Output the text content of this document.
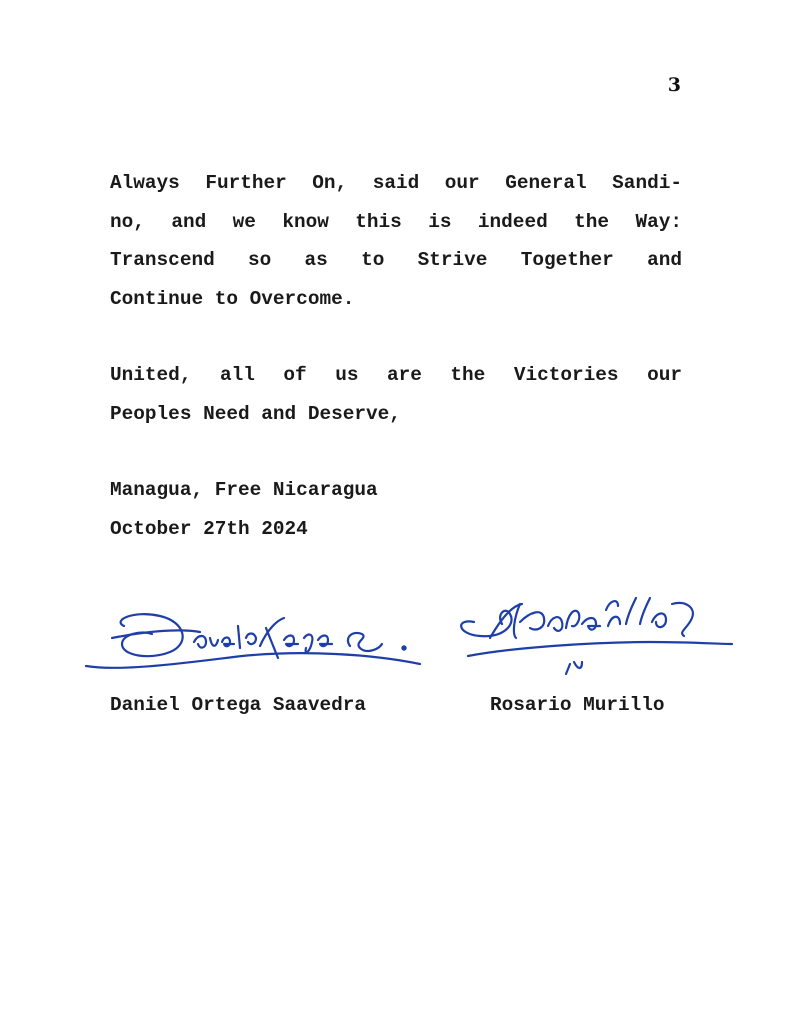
3
Always Further On, said our General Sandi-
no, and we know this is indeed the Way:
Transcend so as to Strive Together and
Continue to Overcome.
United, all of us are the Victories our
Peoples Need and Deserve,
Managua, Free Nicaragua
October 27th 2024
Daniel Ortega Saavedra	Rosario Murillo
